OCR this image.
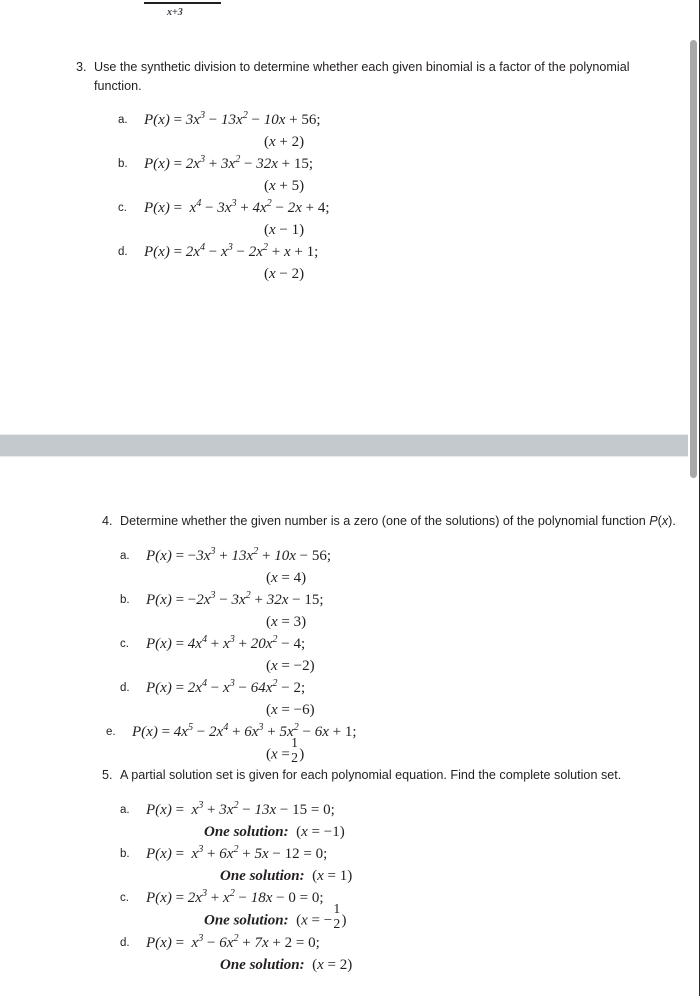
x+3
3. Use the synthetic division to determine whether each given binomial is a factor of the polynomial function.
a.	$P(x) = 3x^3 - 13x^2 - 10x + 56$;
(x + 2)
b.	$P(x) = 2x^3 + 3x^2 - 32x + 15$;
(x + 5)
c.	$P(x) = x^4 - 3x^3 + 4x^2 - 2x + 4$;
(x − 1)
d.	$P(x) = 2x^4 - x^3 - 2x^2 + x + 1$;
(x − 2)
4. Determine whether the given number is a zero (one of the solutions) of the polynomial function P(x).
a.	$P(x) = -3x^3 + 13x^2 + 10x - 56$;
(x = 4)
b.	$P(x) = -2x^3 - 3x^2 + 32x - 15$;
(x = 3)
c.	$P(x) = 4x^4 + x^3 + 20x^2 - 4$;
(x = −2)
d.	$P(x) = 2x^4 - x^3 - 64x^2 - 2$;
(x = −6)
e.	$P(x) = 4x^5 - 2x^4 + 6x^3 + 5x^2 - 6x + 1$;
(x =
1
2 )
5. A partial solution set is given for each polynomial equation. Find the complete solution set.
a.	$P(x) = x^3 + 3x^2 - 13x - 15 = 0$;
One solution:  (x = −1)
b.	$P(x) = x^3 + 6x^2 + 5x - 12 = 0$;
One solution:  (x = 1)
c.	$P(x) = 2x^3 + x^2 - 18x - 0 = 0$;
One solution:  (x = −
1
2 )
d.	$P(x) = x^3 - 6x^2 + 7x + 2 = 0$;
One solution:  (x = 2)
